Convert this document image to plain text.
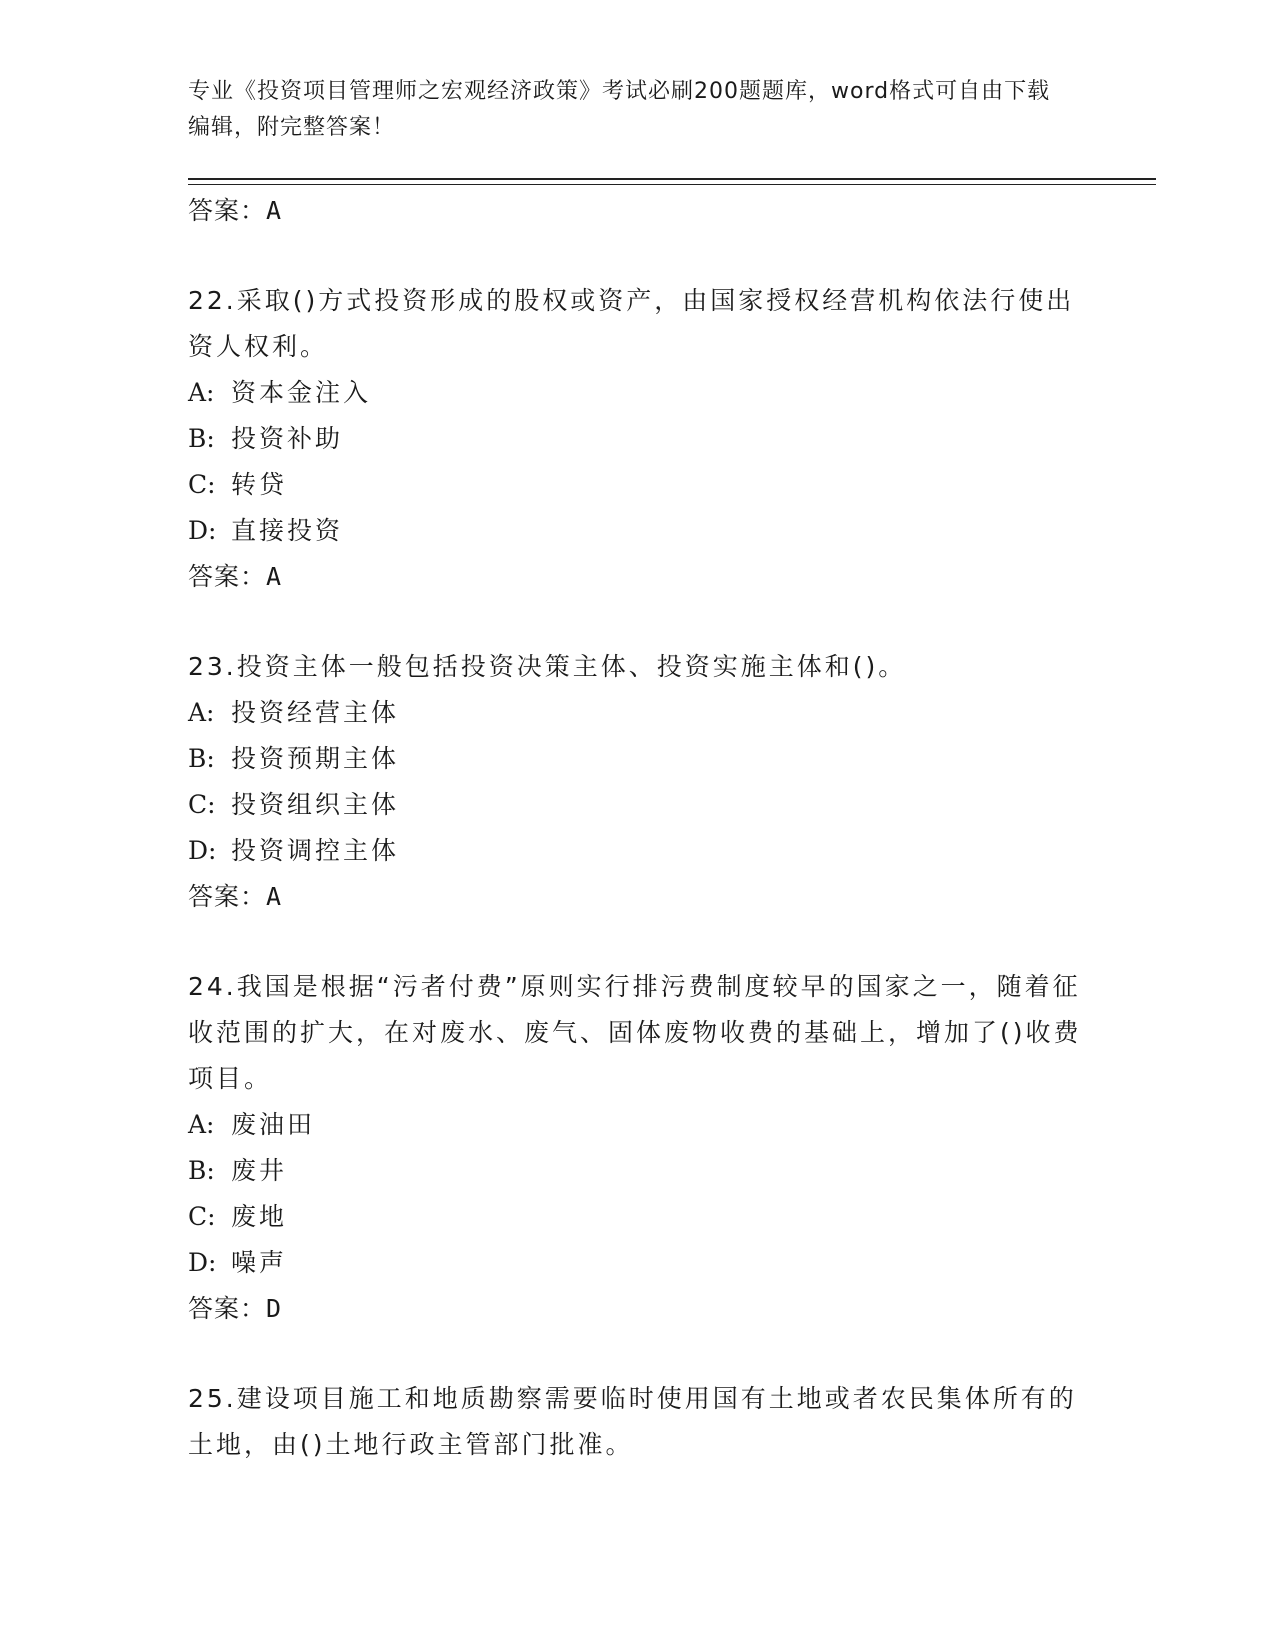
专业《投资项目管理师之宏观经济政策》考试必刷200题题库，word格式可自由下载编辑，附完整答案！
答案：A

22.采取()方式投资形成的股权或资产，由国家授权经营机构依法行使出资人权利。

A: 资本金注入
B: 投资补助
C: 转贷
D: 直接投资
答案：A

23.投资主体一般包括投资决策主体、投资实施主体和()。

A: 投资经营主体
B: 投资预期主体
C: 投资组织主体
D: 投资调控主体
答案：A

24.我国是根据“污者付费”原则实行排污费制度较早的国家之一，随着征收范围的扩大，在对废水、废气、固体废物收费的基础上，增加了()收费项目。

A: 废油田
B: 废井
C: 废地
D: 噪声
答案：D

25.建设项目施工和地质勘察需要临时使用国有土地或者农民集体所有的土地，由()土地行政主管部门批准。
